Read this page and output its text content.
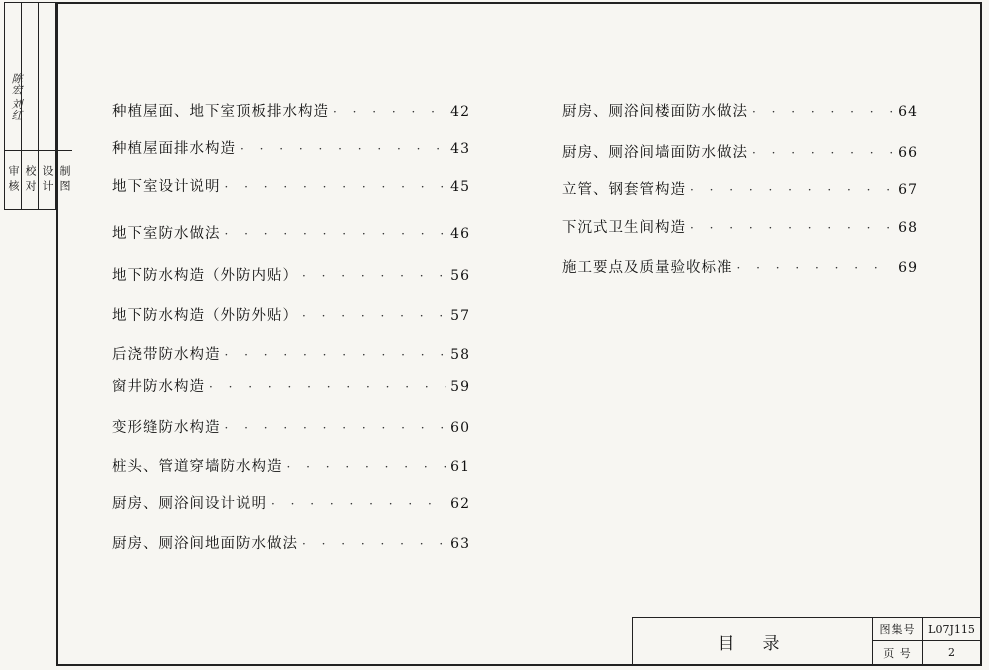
陈宏 刘红
审核 校对 设计 制图
种植屋面、地下室顶板排水构造 · · ·	42
种植屋面排水构造 · · ·	43
地下室设计说明 · · ·	45
地下室防水做法 · · ·	46
地下防水构造（外防内贴） · · ·	56
地下防水构造（外防外贴） · · ·	57
后浇带防水构造 · · ·	58
窗井防水构造 · · ·	59
变形缝防水构造 · · ·	60
桩头、管道穿墙防水构造 · · ·	61
厨房、厕浴间设计说明 · · ·	62
厨房、厕浴间地面防水做法 · · ·	63
厨房、厕浴间楼面防水做法 · · ·	64
厨房、厕浴间墙面防水做法 · · ·	66
立管、钢套管构造 · · ·	67
下沉式卫生间构造 · · ·	68
施工要点及质量验收标准 · · ·	69
目录
图集号	L07J115
页 号	2
